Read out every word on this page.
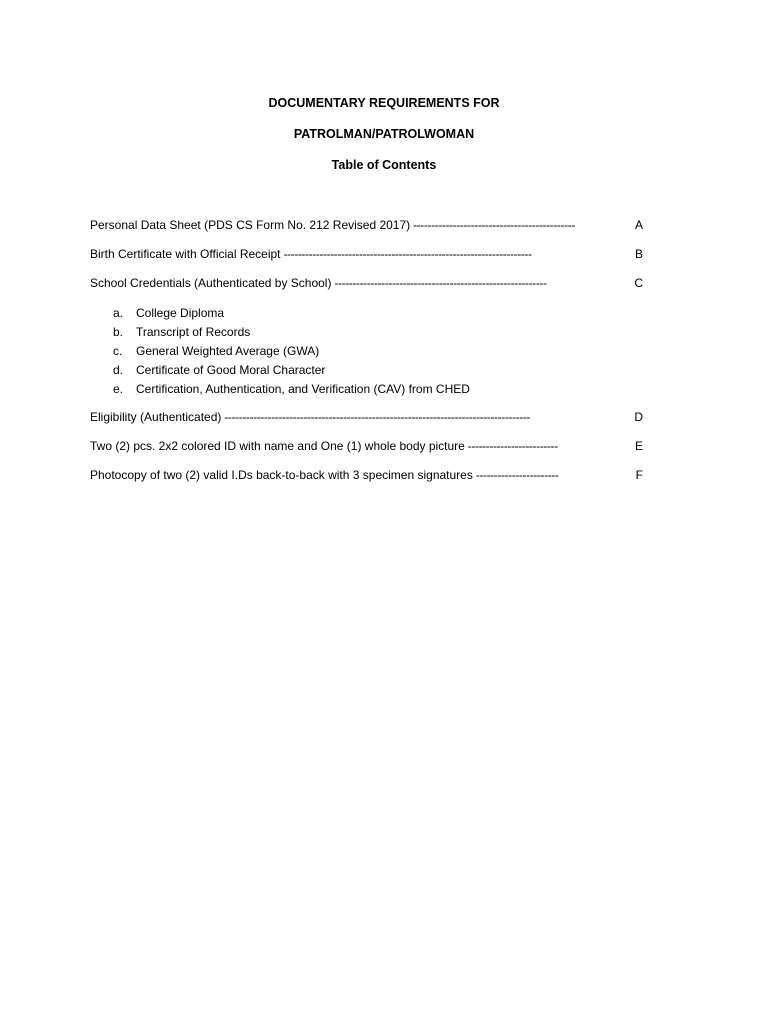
DOCUMENTARY REQUIREMENTS FOR
PATROLMAN/PATROLWOMAN
Table of Contents
Personal Data Sheet (PDS CS Form No. 212 Revised 2017) ---------------------------------------------	A
Birth Certificate with Official Receipt ---------------------------------------------------------------------	B
School Credentials (Authenticated by School) -----------------------------------------------------------	C
a.	College Diploma
b.	Transcript of Records
c.	General Weighted Average (GWA)
d.	Certificate of Good Moral Character
e.	Certification, Authentication, and Verification (CAV) from CHED
Eligibility (Authenticated) -------------------------------------------------------------------------------------	D
Two (2) pcs. 2x2 colored ID with name and One (1) whole body picture -------------------------	E
Photocopy of two (2) valid I.Ds back-to-back with 3 specimen signatures -----------------------	F
